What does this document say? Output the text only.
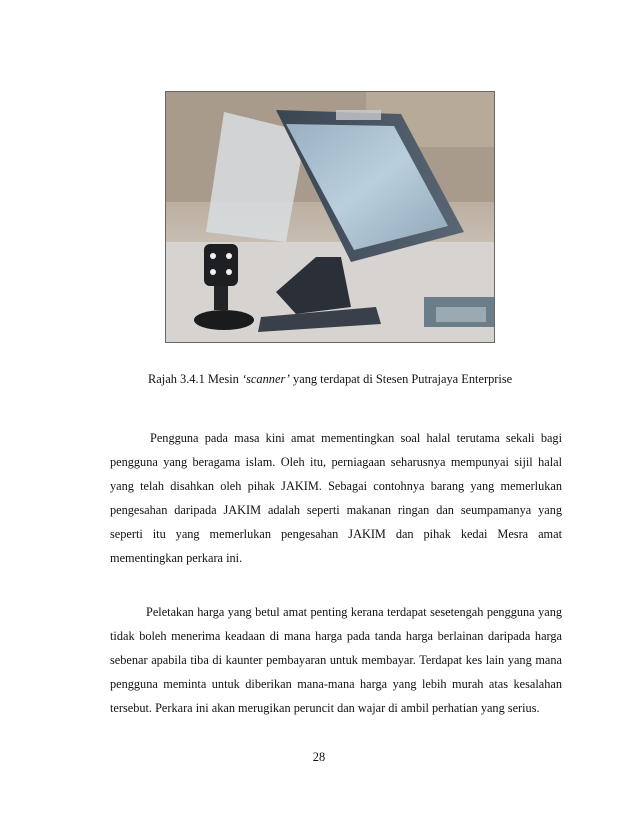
Rajah 3.4.1 Mesin ‘scanner’ yang terdapat di Stesen Putrajaya Enterprise
Pengguna pada masa kini amat mementingkan soal halal terutama sekali bagi pengguna yang beragama islam. Oleh itu, perniagaan seharusnya mempunyai sijil halal yang telah disahkan oleh pihak JAKIM. Sebagai contohnya barang yang memerlukan pengesahan daripada JAKIM adalah seperti makanan ringan dan seumpamanya yang seperti itu yang memerlukan pengesahan JAKIM dan pihak kedai Mesra amat mementingkan perkara ini.
Peletakan harga yang betul amat penting kerana terdapat sesetengah pengguna yang tidak boleh menerima keadaan di mana harga pada tanda harga berlainan daripada harga sebenar apabila tiba di kaunter pembayaran untuk membayar. Terdapat kes lain yang mana pengguna meminta untuk diberikan mana-mana harga yang lebih murah atas kesalahan tersebut. Perkara ini akan merugikan peruncit dan wajar di ambil perhatian yang serius.
28
